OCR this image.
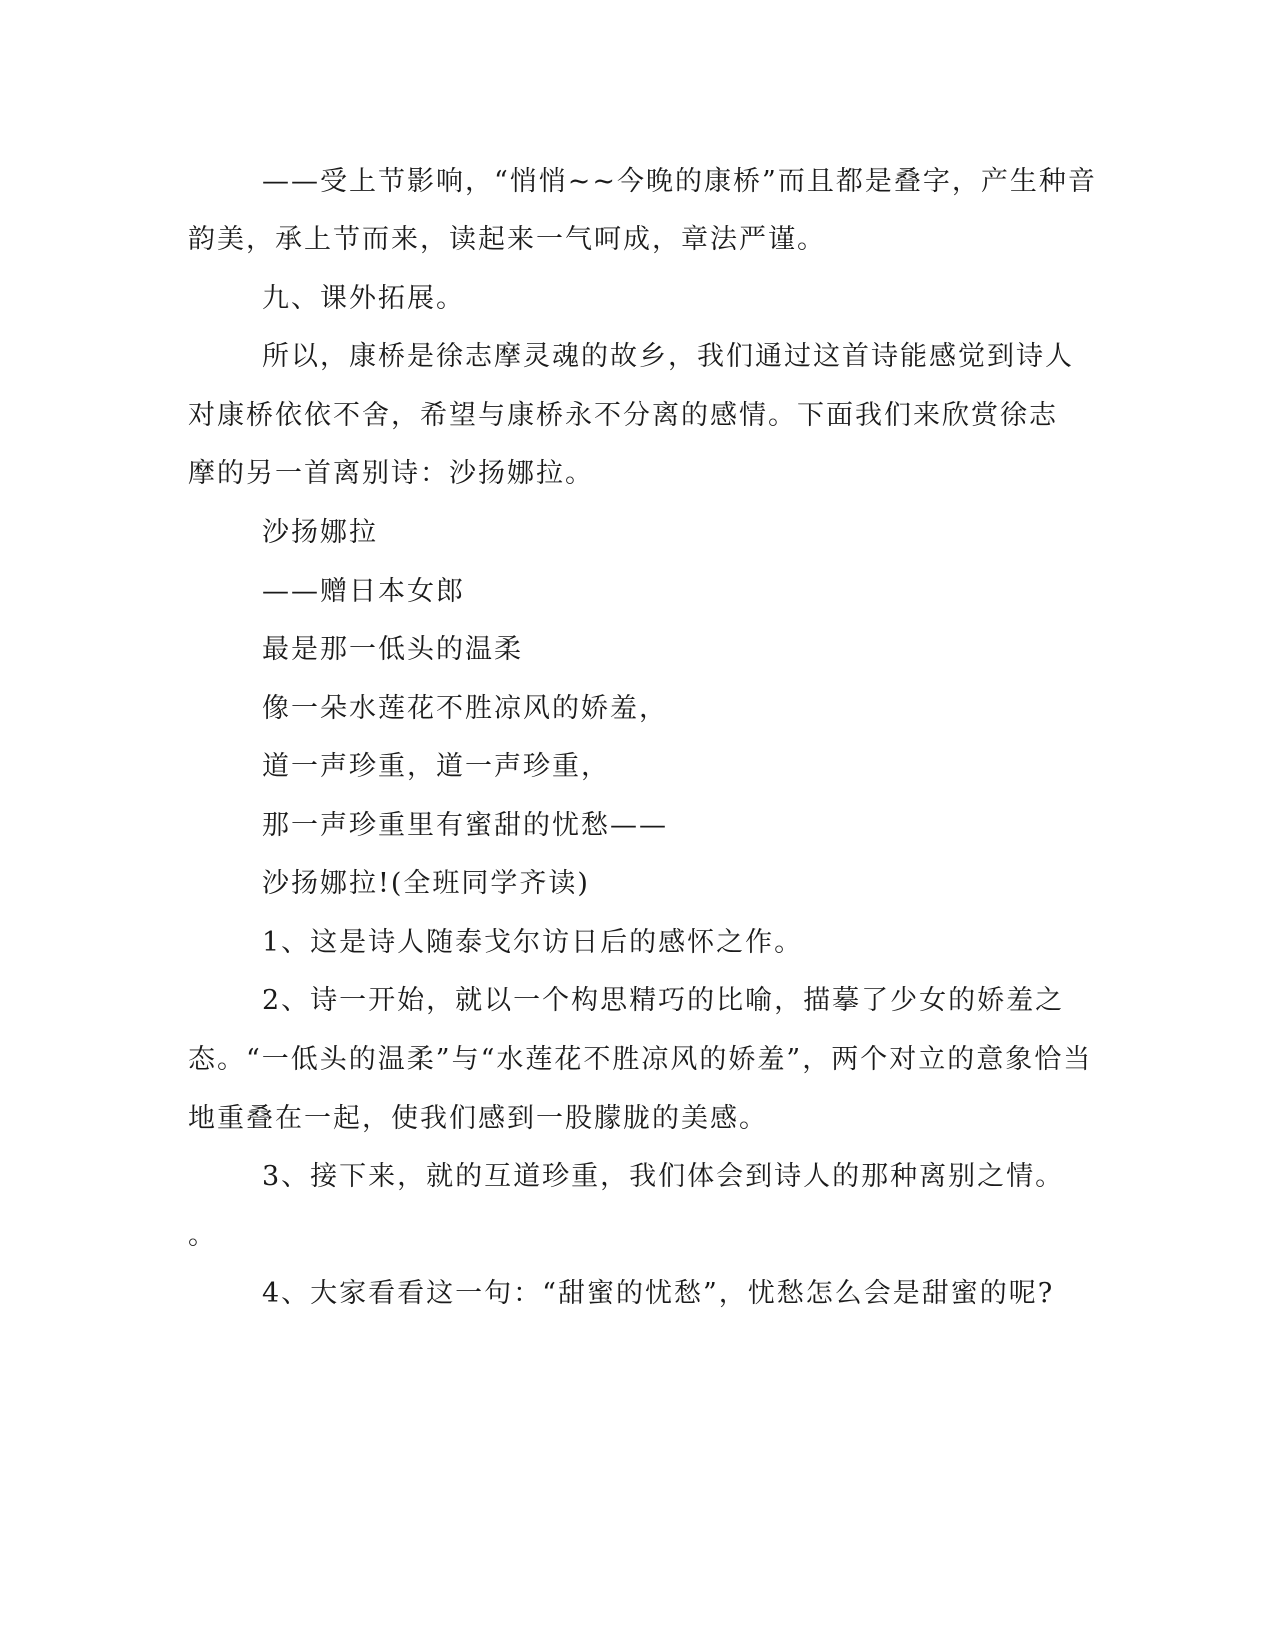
——受上节影响，“悄悄~~今晚的康桥”而且都是叠字，产生种音
韵美，承上节而来，读起来一气呵成，章法严谨。
九、课外拓展。
所以，康桥是徐志摩灵魂的故乡，我们通过这首诗能感觉到诗人
对康桥依依不舍，希望与康桥永不分离的感情。下面我们来欣赏徐志
摩的另一首离别诗：沙扬娜拉。
沙扬娜拉
——赠日本女郎
最是那一低头的温柔
像一朵水莲花不胜凉风的娇羞，
道一声珍重，道一声珍重，
那一声珍重里有蜜甜的忧愁——
沙扬娜拉!(全班同学齐读)
1、这是诗人随泰戈尔访日后的感怀之作。
2、诗一开始，就以一个构思精巧的比喻，描摹了少女的娇羞之
态。“一低头的温柔”与“水莲花不胜凉风的娇羞”，两个对立的意象恰当
地重叠在一起，使我们感到一股朦胧的美感。
3、接下来，就的互道珍重，我们体会到诗人的那种离别之情。
。
4、大家看看这一句：“甜蜜的忧愁”，忧愁怎么会是甜蜜的呢?
